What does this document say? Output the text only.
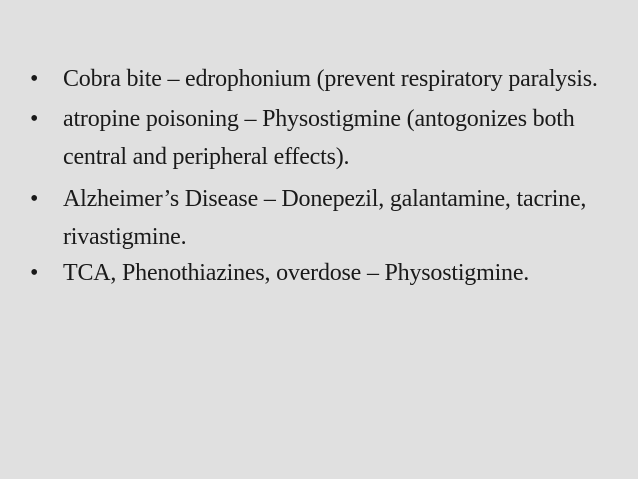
•	Cobra bite – edrophonium (prevent respiratory paralysis.
•	atropine poisoning – Physostigmine (antogonizes both central and peripheral effects).
•	Alzheimer’s Disease – Donepezil, galantamine, tacrine, rivastigmine.
•	TCA, Phenothiazines, overdose – Physostigmine.
